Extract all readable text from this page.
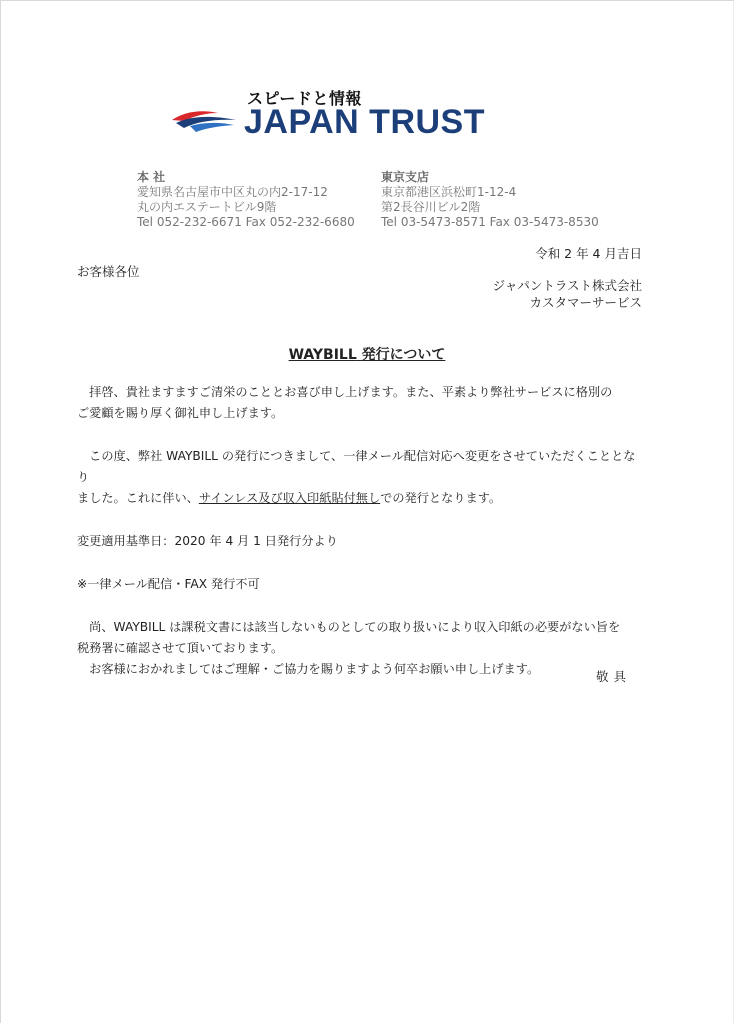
スピードと情報
JAPAN TRUST
本 社
愛知県名古屋市中区丸の内2-17-12
丸の内エステートビル9階
Tel 052-232-6671 Fax 052-232-6680
東京支店
東京都港区浜松町1-12-4
第2長谷川ビル2階
Tel 03-5473-8571 Fax 03-5473-8530
令和 2 年 4 月吉日
お客様各位
ジャパントラスト株式会社
カスタマーサービス
WAYBILL 発行について

　拝啓、貴社ますますご清栄のこととお喜び申し上げます。また、平素より弊社サービスに格別の

ご愛顧を賜り厚く御礼申し上げます。

　この度、弊社 WAYBILL の発行につきまして、一律メール配信対応へ変更をさせていただくこととなり

ました。これに伴い、サインレス及び収入印紙貼付無しでの発行となります。

変更適用基準日：2020 年 4 月 1 日発行分より

※一律メール配信・FAX 発行不可

　尚、WAYBILL は課税文書には該当しないものとしての取り扱いにより収入印紙の必要がない旨を

税務署に確認させて頂いております。

　お客様におかれましてはご理解・ご協力を賜りますよう何卒お願い申し上げます。	敬具
